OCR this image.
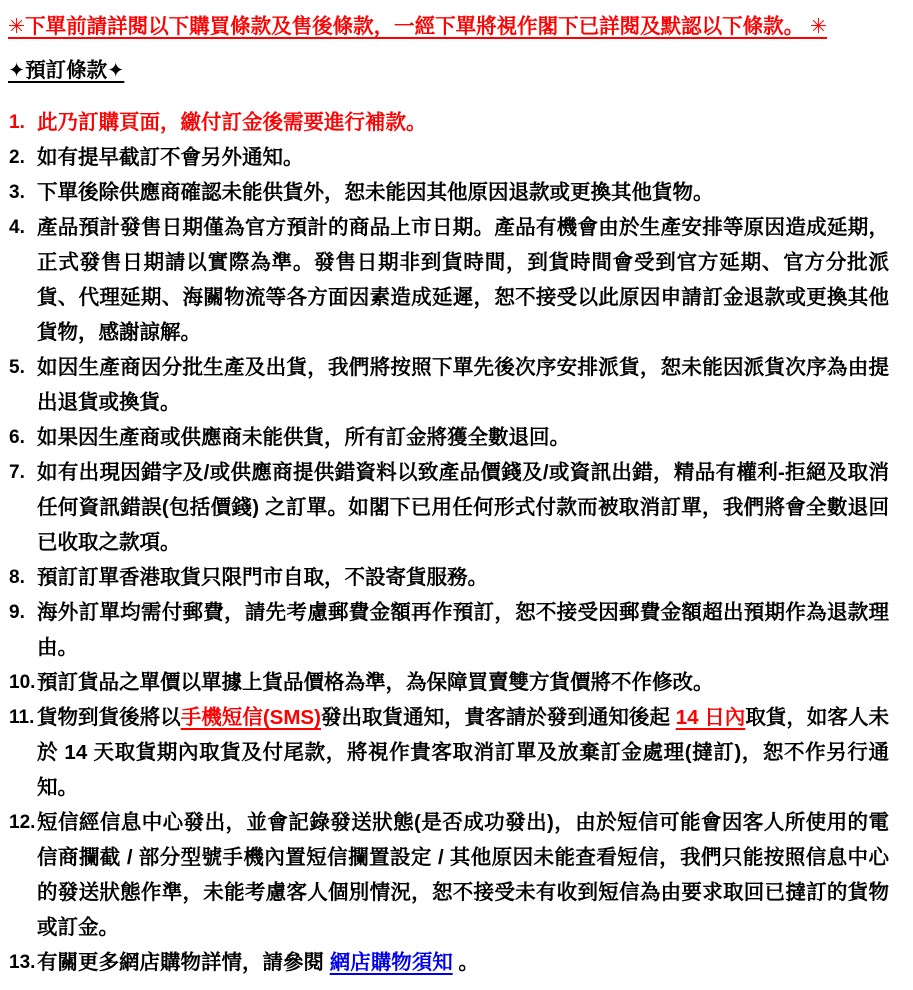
✳下單前請詳閱以下購買條款及售後條款，一經下單將視作閣下已詳閱及默認以下條款。 ✳
✦預訂條款✦
1. 此乃訂購頁面，繳付訂金後需要進行補款。
2. 如有提早截訂不會另外通知。
3. 下單後除供應商確認未能供貨外，恕未能因其他原因退款或更換其他貨物。
4. 產品預計發售日期僅為官方預計的商品上市日期。產品有機會由於生產安排等原因造成延期，正式發售日期請以實際為準。發售日期非到貨時間，到貨時間會受到官方延期、官方分批派貨、代理延期、海關物流等各方面因素造成延遲，恕不接受以此原因申請訂金退款或更換其他貨物，感謝諒解。
5. 如因生產商因分批生產及出貨，我們將按照下單先後次序安排派貨，恕未能因派貨次序為由提出退貨或換貨。
6. 如果因生產商或供應商未能供貨，所有訂金將獲全數退回。
7. 如有出現因錯字及/或供應商提供錯資料以致產品價錢及/或資訊出錯，精品有權利-拒絕及取消任何資訊錯誤(包括價錢) 之訂單。如閣下已用任何形式付款而被取消訂單，我們將會全數退回已收取之款項。
8. 預訂訂單香港取貨只限門市自取，不設寄貨服務。
9. 海外訂單均需付郵費，請先考慮郵費金額再作預訂，恕不接受因郵費金額超出預期作為退款理由。
10. 預訂貨品之單價以單據上貨品價格為準，為保障買賣雙方貨價將不作修改。
11. 貨物到貨後將以手機短信(SMS)發出取貨通知，貴客請於發到通知後起 14 日內取貨，如客人未於 14 天取貨期內取貨及付尾款，將視作貴客取消訂單及放棄訂金處理(撻訂)，恕不作另行通知。
12. 短信經信息中心發出，並會記錄發送狀態(是否成功發出)，由於短信可能會因客人所使用的電信商攔截 / 部分型號手機內置短信攔置設定 / 其他原因未能查看短信，我們只能按照信息中心的發送狀態作準，未能考慮客人個別情況，恕不接受未有收到短信為由要求取回已撻訂的貨物或訂金。
13. 有關更多網店購物詳情，請參閱 網店購物須知 。
